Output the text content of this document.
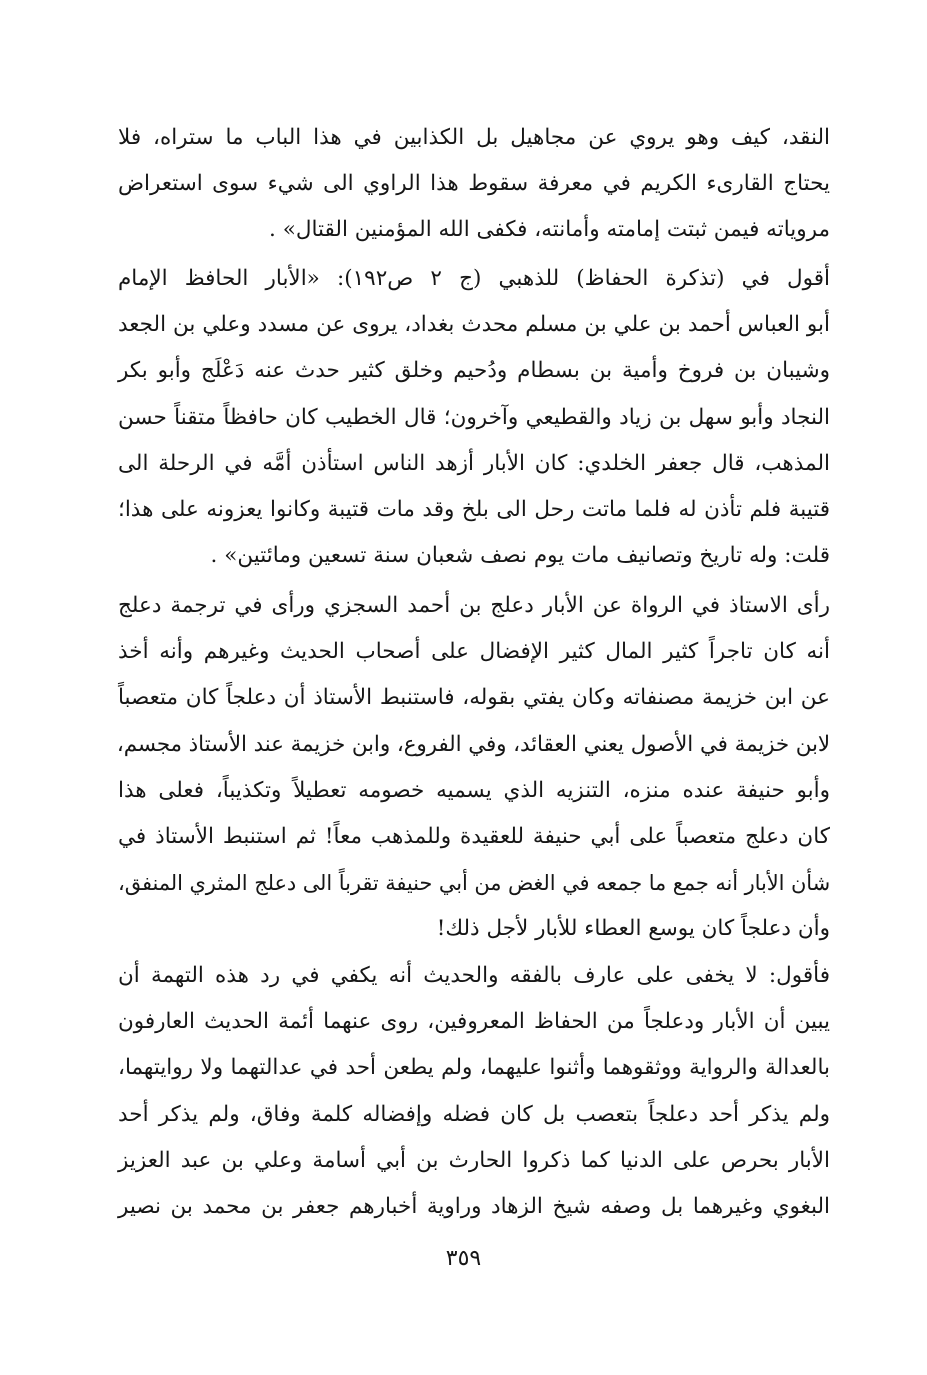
النقد، كيف وهو يروي عن مجاهيل بل الكذابين في هذا الباب ما ستراه، فلا
يحتاج القارىء الكريم في معرفة سقوط هذا الراوي الى شيء سوى استعراض
مروياته فيمن ثبتت إمامته وأمانته، فكفى الله المؤمنين القتال» .
أقول في (تذكرة الحفاظ) للذهبي (ج ٢ ص١٩٢): «الأبار الحافظ الإمام
أبو العباس أحمد بن علي بن مسلم محدث بغداد، يروى عن مسدد وعلي بن الجعد
وشيبان بن فروخ وأمية بن بسطام ودُحيم وخلق كثير حدث عنه دَعْلَج وأبو بكر
النجاد وأبو سهل بن زياد والقطيعي وآخرون؛ قال الخطيب كان حافظاً متقناً حسن
المذهب، قال جعفر الخلدي: كان الأبار أزهد الناس استأذن أمَّه في الرحلة الى
قتيبة فلم تأذن له فلما ماتت رحل الى بلخ وقد مات قتيبة وكانوا يعزونه على هذا؛
قلت: وله تاريخ وتصانيف مات يوم نصف شعبان سنة تسعين ومائتين» .
رأى الاستاذ في الرواة عن الأبار دعلج بن أحمد السجزي ورأى في ترجمة دعلج
أنه كان تاجراً كثير المال كثير الإفضال على أصحاب الحديث وغيرهم وأنه أخذ
عن ابن خزيمة مصنفاته وكان يفتي بقوله، فاستنبط الأستاذ أن دعلجاً كان متعصباً
لابن خزيمة في الأصول يعني العقائد، وفي الفروع، وابن خزيمة عند الأستاذ مجسم،
وأبو حنيفة عنده منزه، التنزيه الذي يسميه خصومه تعطيلاً وتكذيباً، فعلى هذا
كان دعلج متعصباً على أبي حنيفة للعقيدة وللمذهب معاً! ثم استنبط الأستاذ في
شأن الأبار أنه جمع ما جمعه في الغض من أبي حنيفة تقرباً الى دعلج المثري المنفق،
وأن دعلجاً كان يوسع العطاء للأبار لأجل ذلك!
فأقول: لا يخفى على عارف بالفقه والحديث أنه يكفي في رد هذه التهمة أن
يبين أن الأبار ودعلجاً من الحفاظ المعروفين، روى عنهما أئمة الحديث العارفون
بالعدالة والرواية ووثقوهما وأثنوا عليهما، ولم يطعن أحد في عدالتهما ولا روايتهما،
ولم يذكر أحد دعلجاً بتعصب بل كان فضله وإفضاله كلمة وفاق، ولم يذكر أحد
الأبار بحرص على الدنيا كما ذكروا الحارث بن أبي أسامة وعلي بن عبد العزيز
البغوي وغيرهما بل وصفه شيخ الزهاد وراوية أخبارهم جعفر بن محمد بن نصير
٣٥٩
